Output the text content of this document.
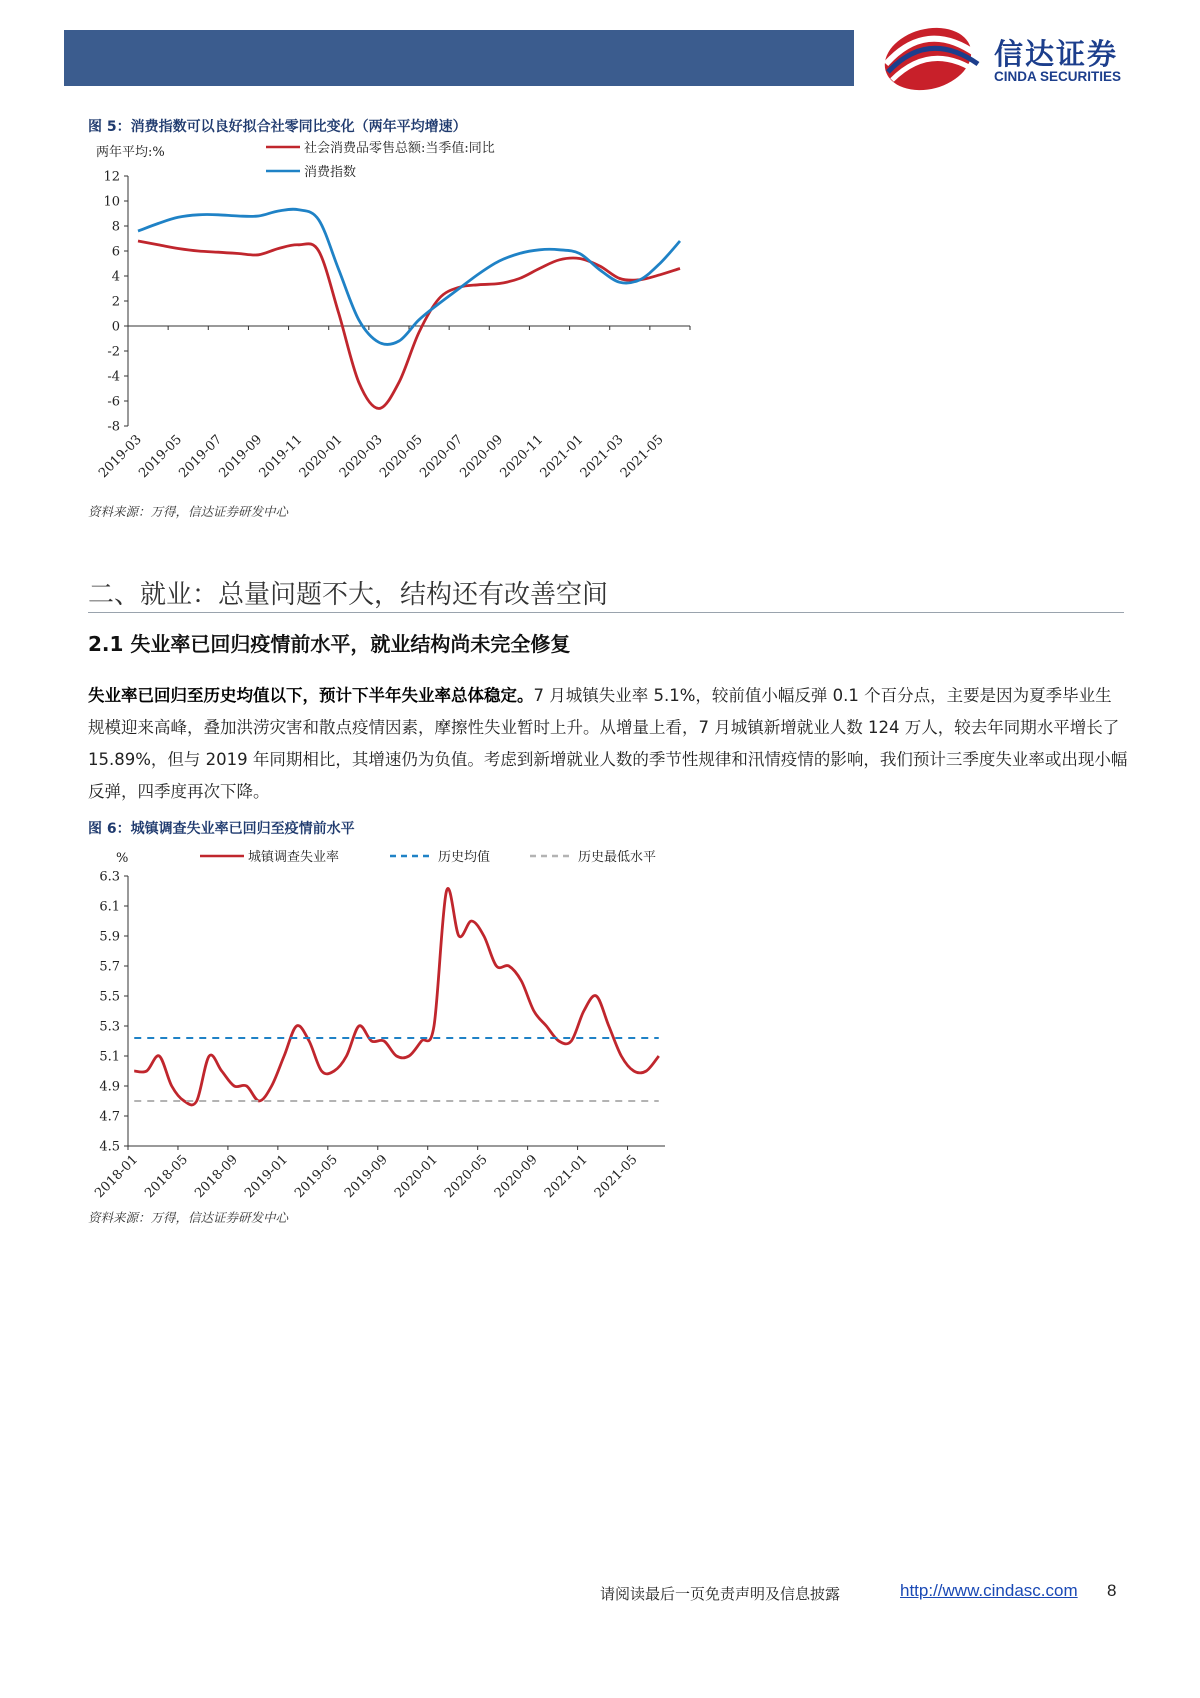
信达证券
CINDA SECURITIES
图 5：消费指数可以良好拟合社零同比变化（两年平均增速）
两年平均:%
12
10
8
6
4
2
0
-2
-4
-6
-8
2019-03
2019-05
2019-07
2019-09
2019-11
2020-01
2020-03
2020-05
2020-07
2020-09
2020-11
2021-01
2021-03
2021-05
社会消费品零售总额:当季值:同比
消费指数
资料来源：万得，信达证券研发中心
二、就业：总量问题不大，结构还有改善空间
2.1 失业率已回归疫情前水平，就业结构尚未完全修复
失业率已回归至历史均值以下，预计下半年失业率总体稳定。7 月城镇失业率 5.1%，较前值小幅反弹 0.1 个百分点，主要是因为夏季毕业生规模迎来高峰，叠加洪涝灾害和散点疫情因素，摩擦性失业暂时上升。从增量上看，7 月城镇新增就业人数 124 万人，较去年同期水平增长了 15.89%，但与 2019 年同期相比，其增速仍为负值。考虑到新增就业人数的季节性规律和汛情疫情的影响，我们预计三季度失业率或出现小幅反弹，四季度再次下降。
图 6：城镇调查失业率已回归至疫情前水平
%
6.3
6.1
5.9
5.7
5.5
5.3
5.1
4.9
4.7
4.5
2018-01 2018-05 2018-09 2019-01 2019-05 2019-09 2020-01 2020-05 2020-09 2021-01 2021-05
城镇调查失业率	历史均值	历史最低水平
资料来源：万得，信达证券研发中心
请阅读最后一页免责声明及信息披露	http://www.cindasc.com 8
